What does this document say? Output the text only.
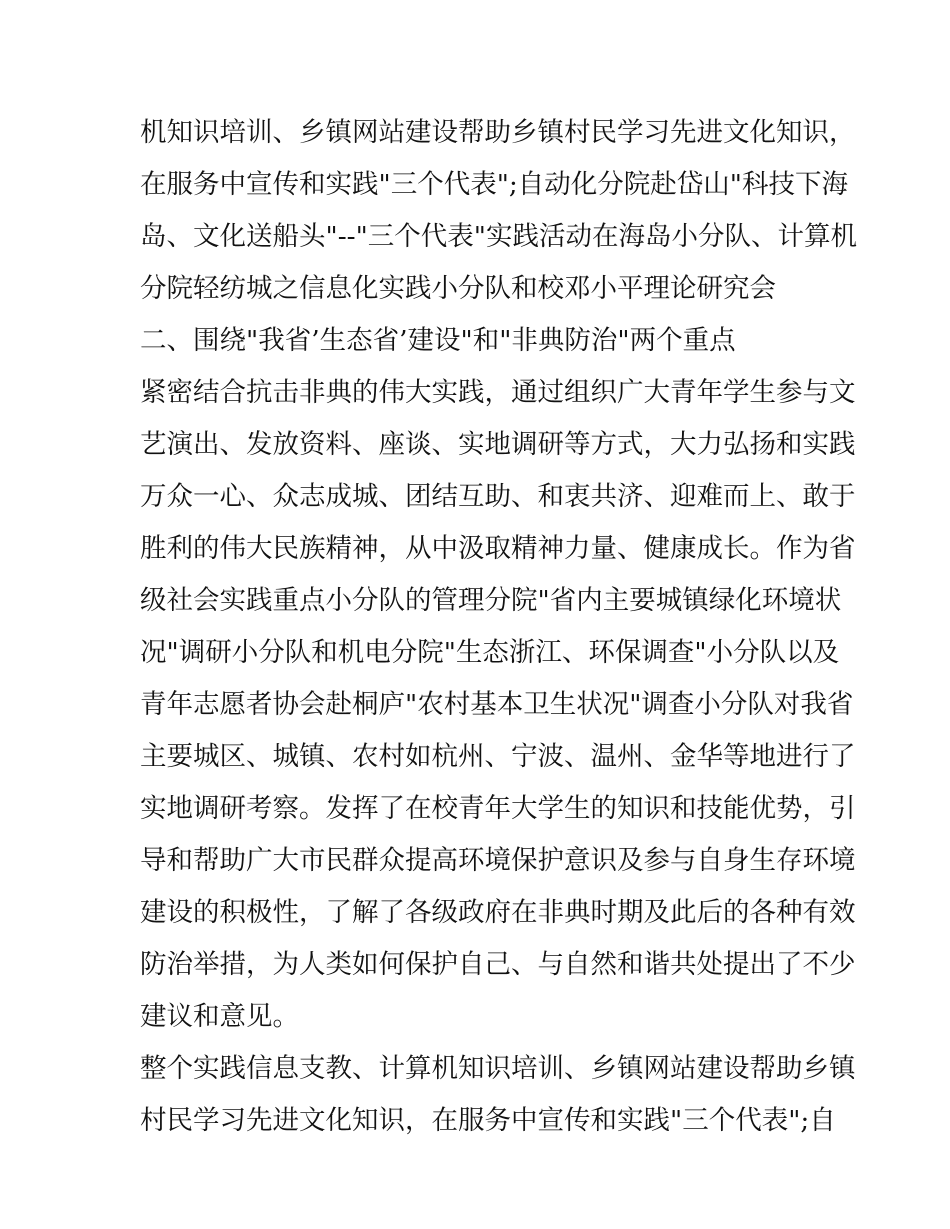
机知识培训、乡镇网站建设帮助乡镇村民学习先进文化知识，
在服务中宣传和实践"三个代表";自动化分院赴岱山"科技下海
岛、文化送船头"--"三个代表"实践活动在海岛小分队、计算机
分院轻纺城之信息化实践小分队和校邓小平理论研究会
二、围绕"我省’生态省’建设"和"非典防治"两个重点
紧密结合抗击非典的伟大实践，通过组织广大青年学生参与文
艺演出、发放资料、座谈、实地调研等方式，大力弘扬和实践
万众一心、众志成城、团结互助、和衷共济、迎难而上、敢于
胜利的伟大民族精神，从中汲取精神力量、健康成长。作为省
级社会实践重点小分队的管理分院"省内主要城镇绿化环境状
况"调研小分队和机电分院"生态浙江、环保调查"小分队以及
青年志愿者协会赴桐庐"农村基本卫生状况"调查小分队对我省
主要城区、城镇、农村如杭州、宁波、温州、金华等地进行了
实地调研考察。发挥了在校青年大学生的知识和技能优势，引
导和帮助广大市民群众提高环境保护意识及参与自身生存环境
建设的积极性，了解了各级政府在非典时期及此后的各种有效
防治举措，为人类如何保护自己、与自然和谐共处提出了不少
建议和意见。
整个实践信息支教、计算机知识培训、乡镇网站建设帮助乡镇
村民学习先进文化知识，在服务中宣传和实践"三个代表";自
